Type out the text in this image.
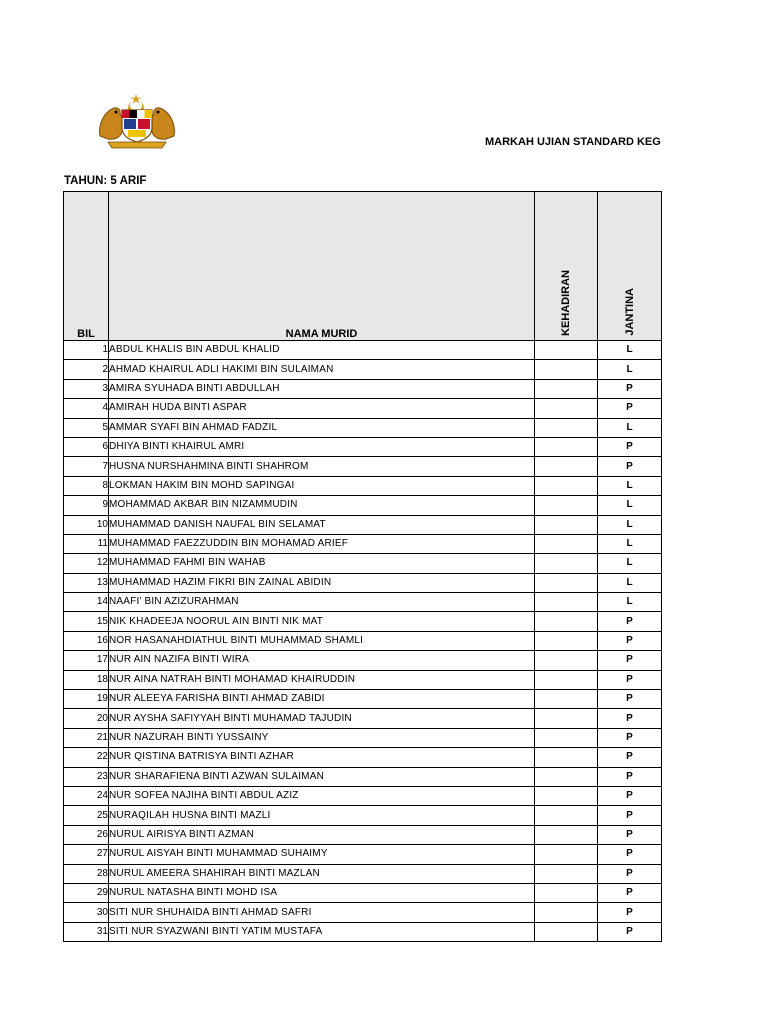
MARKAH UJIAN STANDARD KEG
TAHUN: 5 ARIF
BIL	NAMA MURID	KEHADIRAN	JANTINA

1	ABDUL KHALIS BIN ABDUL KHALID		L
2	AHMAD KHAIRUL ADLI HAKIMI BIN SULAIMAN		L
3	AMIRA SYUHADA BINTI ABDULLAH		P
4	AMIRAH HUDA BINTI ASPAR		P
5	AMMAR SYAFI BIN AHMAD FADZIL		L
6	DHIYA BINTI KHAIRUL AMRI		P
7	HUSNA NURSHAHMINA BINTI SHAHROM		P
8	LOKMAN HAKIM BIN MOHD SAPINGAI		L
9	MOHAMMAD AKBAR BIN NIZAMMUDIN		L
10	MUHAMMAD DANISH NAUFAL BIN SELAMAT		L
11	MUHAMMAD FAEZZUDDIN BIN MOHAMAD ARIEF		L
12	MUHAMMAD FAHMI BIN WAHAB		L
13	MUHAMMAD HAZIM FIKRI BIN ZAINAL ABIDIN		L
14	NAAFI' BIN AZIZURAHMAN		L
15	NIK KHADEEJA NOORUL AIN BINTI NIK MAT		P
16	NOR HASANAHDIATHUL BINTI MUHAMMAD SHAMLI		P
17	NUR AIN NAZIFA BINTI WIRA		P
18	NUR AINA NATRAH BINTI MOHAMAD KHAIRUDDIN		P
19	NUR ALEEYA FARISHA BINTI AHMAD ZABIDI		P
20	NUR AYSHA SAFIYYAH BINTI MUHAMAD TAJUDIN		P
21	NUR NAZURAH BINTI YUSSAINY		P
22	NUR QISTINA BATRISYA BINTI AZHAR		P
23	NUR SHARAFIENA BINTI AZWAN SULAIMAN		P
24	NUR SOFEA NAJIHA BINTI ABDUL AZIZ		P
25	NURAQILAH HUSNA BINTI MAZLI		P
26	NURUL AIRISYA BINTI AZMAN		P
27	NURUL AISYAH BINTI MUHAMMAD SUHAIMY		P
28	NURUL AMEERA SHAHIRAH BINTI MAZLAN		P
29	NURUL NATASHA BINTI MOHD ISA		P
30	SITI NUR SHUHAIDA BINTI AHMAD SAFRI		P
31	SITI NUR SYAZWANI BINTI YATIM MUSTAFA		P
